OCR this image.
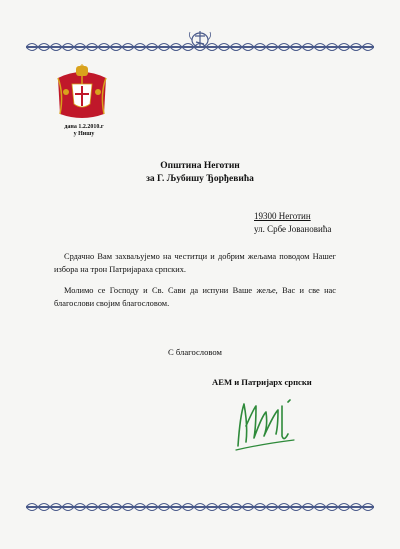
дана 1.2.2010.г
у Нишу
Општина Неготин
за Г. Љубишу Ђорђевића
19300 Неготин
ул. Србе Јовановића

Срдачно Вам захваљујемо на честитци и добрим жељама поводом Нашег избора на трон Патријараха српских.

Молимо се Господу и Св. Сави да испуни Ваше жеље, Вас и све нас благослови својим благословом.

С благословом
АЕМ и Патријарх српски
